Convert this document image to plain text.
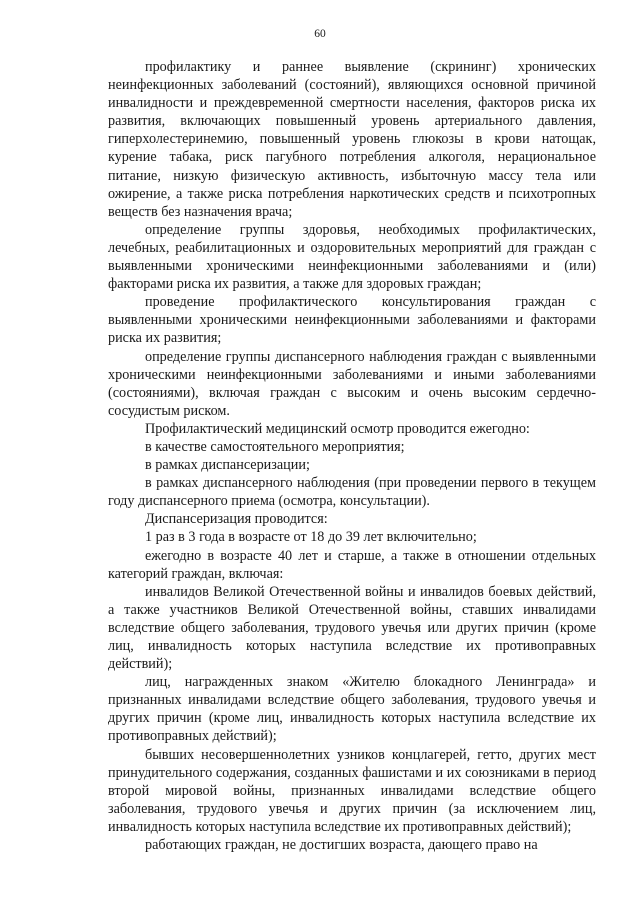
60

профилактику и раннее выявление (скрининг) хронических неинфекционных заболеваний (состояний), являющихся основной причиной инвалидности и преждевременной смертности населения, факторов риска их развития, включающих повышенный уровень артериального давления, гиперхолестеринемию, повышенный уровень глюкозы в крови натощак, курение табака, риск пагубного потребления алкоголя, нерациональное питание, низкую физическую активность, избыточную массу тела или ожирение, а также риска потребления наркотических средств и психотропных веществ без назначения врача;

определение группы здоровья, необходимых профилактических, лечебных, реабилитационных и оздоровительных мероприятий для граждан с выявленными хроническими неинфекционными заболеваниями и (или) факторами риска их развития, а также для здоровых граждан;

проведение профилактического консультирования граждан с выявленными хроническими неинфекционными заболеваниями и факторами риска их развития;

определение группы диспансерного наблюдения граждан с выявленными хроническими неинфекционными заболеваниями и иными заболеваниями (состояниями), включая граждан с высоким и очень высоким сердечно-сосудистым риском.

Профилактический медицинский осмотр проводится ежегодно:

в качестве самостоятельного мероприятия;

в рамках диспансеризации;

в рамках диспансерного наблюдения (при проведении первого в текущем году диспансерного приема (осмотра, консультации).

Диспансеризация проводится:

1 раз в 3 года в возрасте от 18 до 39 лет включительно;

ежегодно в возрасте 40 лет и старше, а также в отношении отдельных категорий граждан, включая:

инвалидов Великой Отечественной войны и инвалидов боевых действий, а также участников Великой Отечественной войны, ставших инвалидами вследствие общего заболевания, трудового увечья или других причин (кроме лиц, инвалидность которых наступила вследствие их противоправных действий);

лиц, награжденных знаком «Жителю блокадного Ленинграда» и признанных инвалидами вследствие общего заболевания, трудового увечья и других причин (кроме лиц, инвалидность которых наступила вследствие их противоправных действий);

бывших несовершеннолетних узников концлагерей, гетто, других мест принудительного содержания, созданных фашистами и их союзниками в период второй мировой войны, признанных инвалидами вследствие общего заболевания, трудового увечья и других причин (за исключением лиц, инвалидность которых наступила вследствие их противоправных действий);

работающих граждан, не достигших возраста, дающего право на
